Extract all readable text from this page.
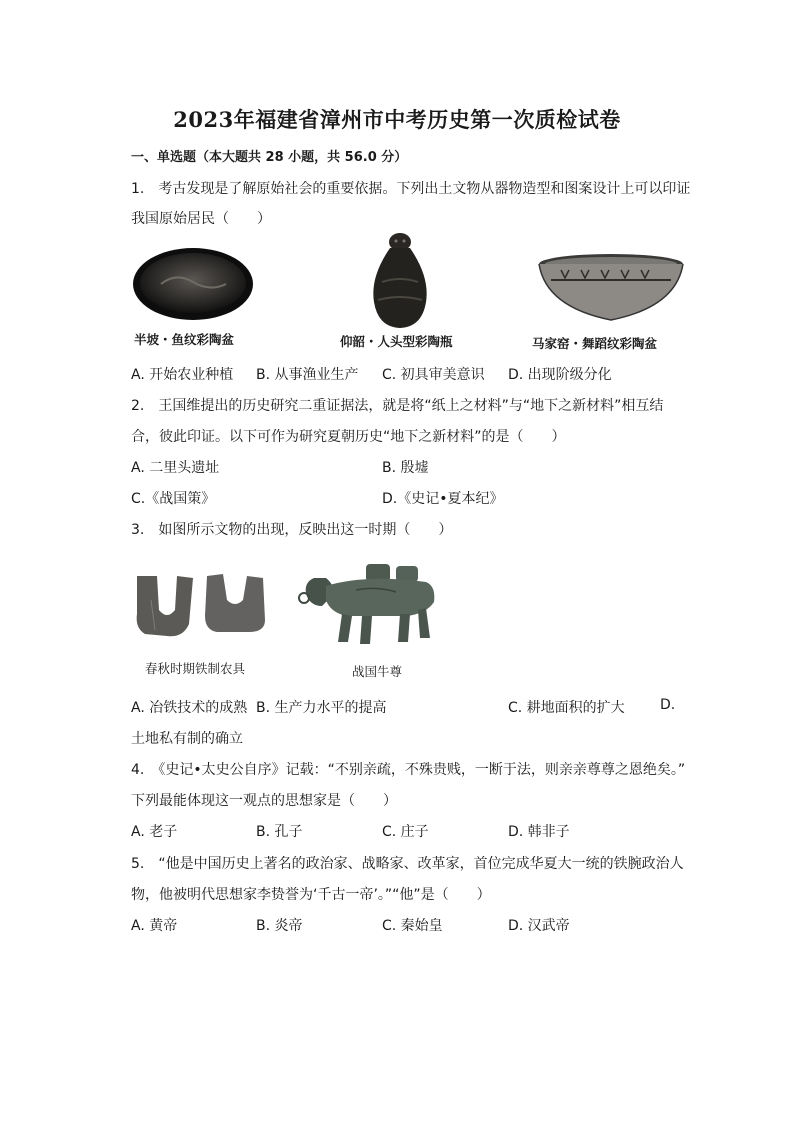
2023年福建省漳州市中考历史第一次质检试卷
一、单选题（本大题共 28 小题，共 56.0 分）
1.　考古发现是了解原始社会的重要依据。下列出土文物从器物造型和图案设计上可以印证
我国原始居民（　　）
半坡・鱼纹彩陶盆	仰韶・人头型彩陶瓶	马家窑・舞蹈纹彩陶盆
A. 开始农业种植 B. 从事渔业生产 C. 初具审美意识 D. 出现阶级分化
2.　王国维提出的历史研究二重证据法，就是将“纸上之材料”与“地下之新材料”相互结
合，彼此印证。以下可作为研究夏朝历史“地下之新材料”的是（　　）
A. 二里头遗址	B. 殷墟
C.《战国策》	D.《史记•夏本纪》
3.　如图所示文物的出现，反映出这一时期（　　）
春秋时期铁制农具	战国牛尊
A. 冶铁技术的成熟 B. 生产力水平的提高	C. 耕地面积的扩大	D.
土地私有制的确立
4.　《史记•太史公自序》记载：“不别亲疏，不殊贵贱，一断于法，则亲亲尊尊之恩绝矣。”
下列最能体现这一观点的思想家是（　　）
A. 老子	B. 孔子	C. 庄子	D. 韩非子
5.　“他是中国历史上著名的政治家、战略家、改革家，首位完成华夏大一统的铁腕政治人
物，他被明代思想家李贽誉为‘千古一帝’。”“他”是（　　）
A. 黄帝	B. 炎帝	C. 秦始皇	D. 汉武帝
